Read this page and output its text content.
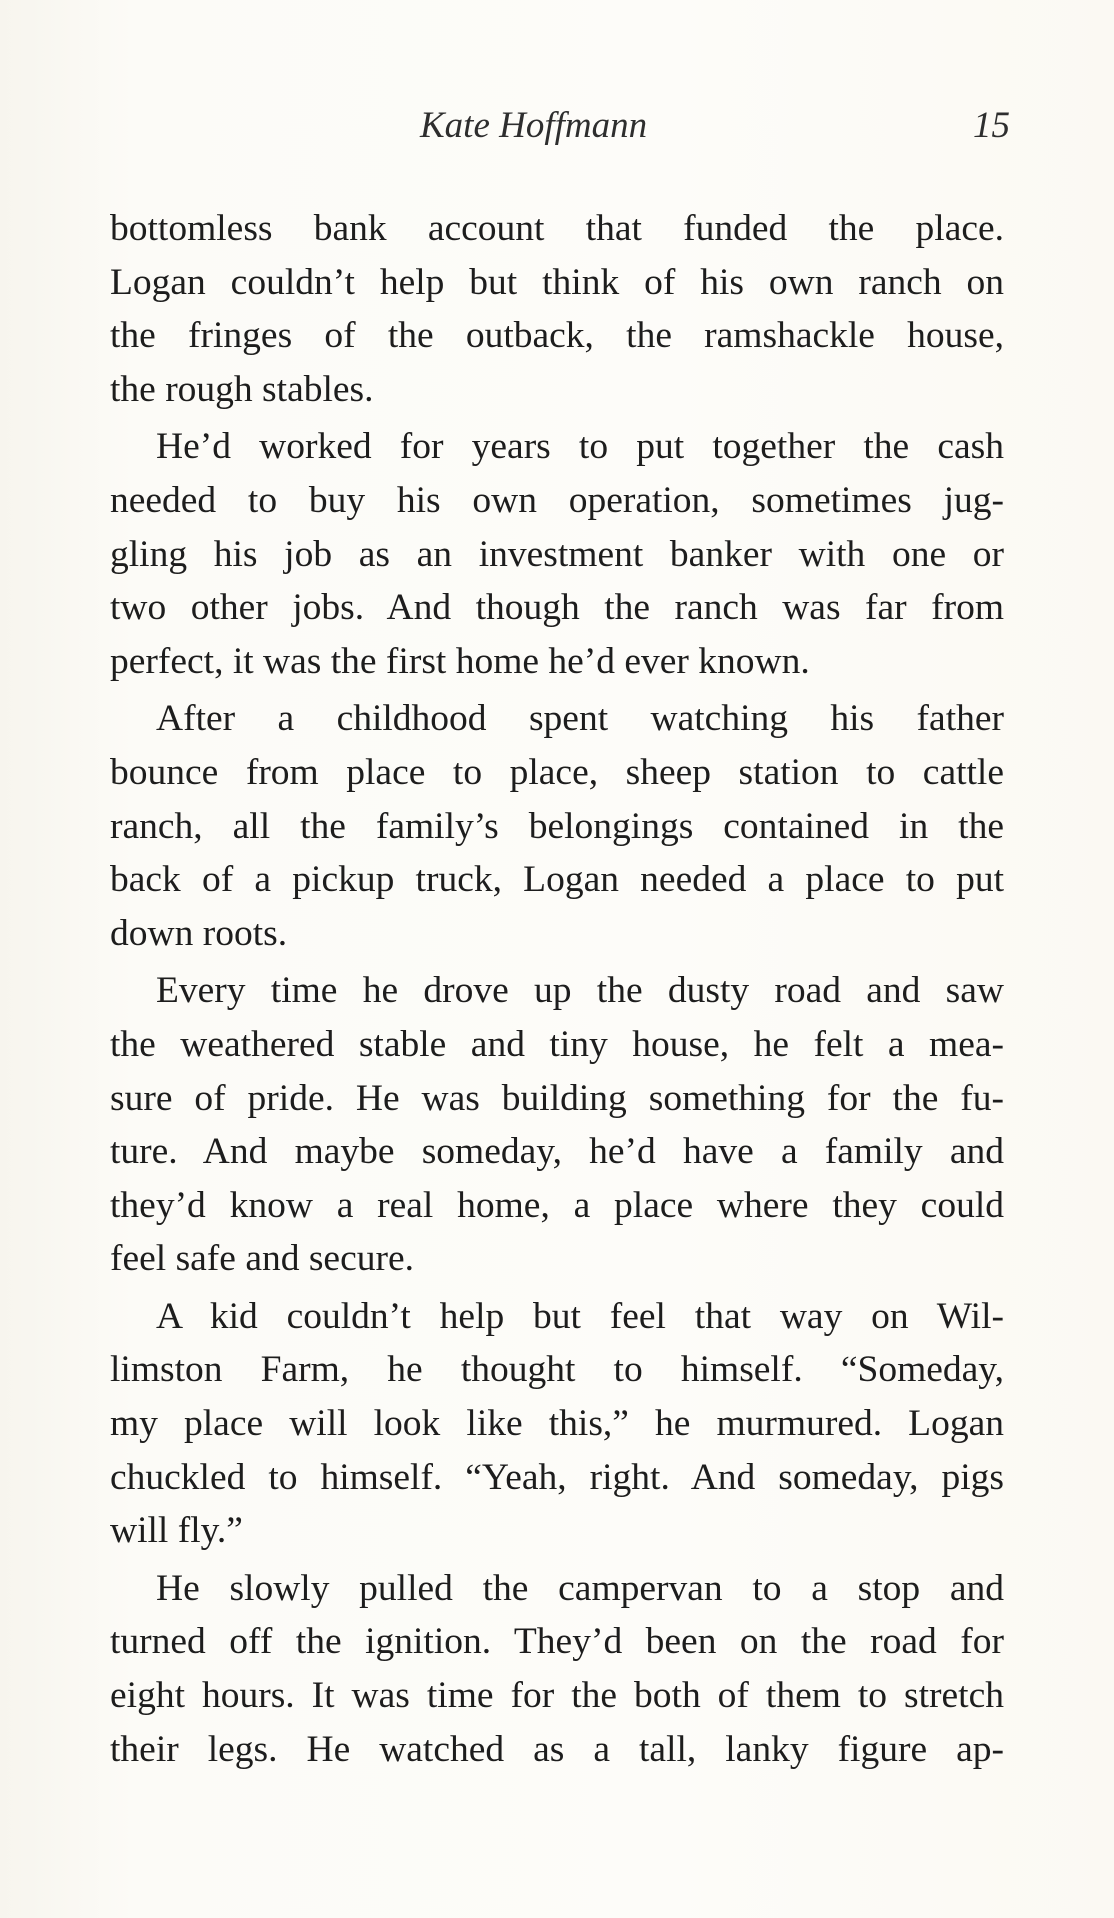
Kate Hoffmann	15

bottomless bank account that funded the place.
Logan couldn’t help but think of his own ranch on
the fringes of the outback, the ramshackle house,
the rough stables.

He’d worked for years to put together the cash
needed to buy his own operation, sometimes jug-
gling his job as an investment banker with one or
two other jobs. And though the ranch was far from
perfect, it was the first home he’d ever known.

After a childhood spent watching his father
bounce from place to place, sheep station to cattle
ranch, all the family’s belongings contained in the
back of a pickup truck, Logan needed a place to put
down roots.

Every time he drove up the dusty road and saw
the weathered stable and tiny house, he felt a mea-
sure of pride. He was building something for the fu-
ture. And maybe someday, he’d have a family and
they’d know a real home, a place where they could
feel safe and secure.

A kid couldn’t help but feel that way on Wil-
limston Farm, he thought to himself. “Someday,
my place will look like this,” he murmured. Logan
chuckled to himself. “Yeah, right. And someday, pigs
will fly.”

He slowly pulled the campervan to a stop and
turned off the ignition. They’d been on the road for
eight hours. It was time for the both of them to stretch
their legs. He watched as a tall, lanky figure ap-
